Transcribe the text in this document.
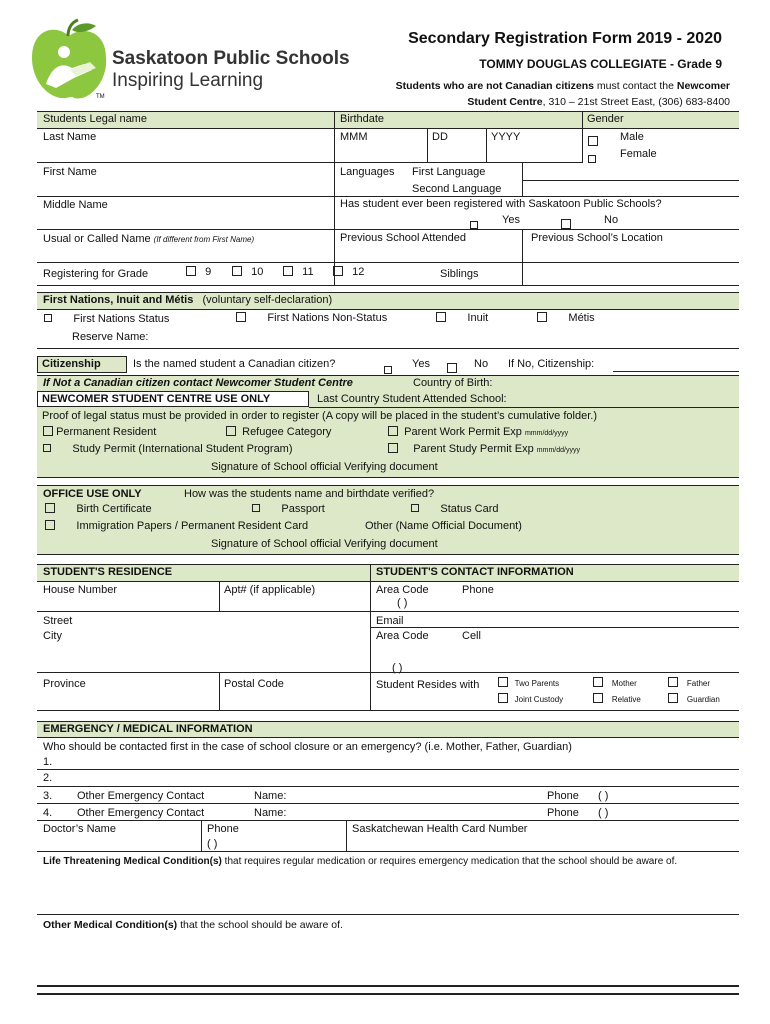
TM
Saskatoon Public Schools
Inspiring Learning
Secondary Registration Form 2019 - 2020
TOMMY DOUGLAS COLLEGIATE - Grade 9
Students who are not Canadian citizens must contact the Newcomer
Student Centre, 310 – 21st Street East, (306) 683-8400
Students Legal name	Birthdate	Gender
Last Name	MMM	DD	YYYY	Male
Female
First Name	Languages First Language
Second Language
Middle Name	Has student ever been registered with Saskatoon Public Schools?
Yes	No
Usual or Called Name (If different from First Name)	Previous School Attended	Previous School’s Location
Registering for Grade	9	10	11	12	Siblings
First Nations, Inuit and Métis (voluntary self-declaration)
First Nations Status	First Nations Non-Status	Inuit	Métis
Reserve Name:
Citizenship	Is the named student a Canadian citizen?	Yes	No If No, Citizenship:
If Not a Canadian citizen contact Newcomer Student Centre	Country of Birth:
NEWCOMER STUDENT CENTRE USE ONLY	Last Country Student Attended School:
Proof of legal status must be provided in order to register (A copy will be placed in the student’s cumulative folder.)
Permanent Resident	Refugee Category	Parent Work Permit Exp mmm/dd/yyyy
Study Permit (International Student Program)	Parent Study Permit Exp mmm/dd/yyyy
Signature of School official Verifying document
OFFICE USE ONLY	How was the students name and birthdate verified?
Birth Certificate	Passport	Status Card
Immigration Papers / Permanent Resident Card	Other (Name Official Document)
Signature of School official Verifying document
STUDENT'S RESIDENCE	STUDENT'S CONTACT INFORMATION
House Number	Apt# (if applicable)	Area Code	Phone
( )
Street	Email
City	Area Code	Cell
( )
Province	Postal Code	Student Resides with	Two Parents	Mother	Father
Joint Custody	Relative	Guardian
EMERGENCY / MEDICAL INFORMATION
Who should be contacted first in the case of school closure or an emergency? (i.e. Mother, Father, Guardian)
1.
2.
3. Other Emergency Contact	Name:	Phone ( )
4. Other Emergency Contact	Name:	Phone ( )
Doctor’s Name	Phone
( )
Saskatchewan Health Card Number
Life Threatening Medical Condition(s) that requires regular medication or requires emergency medication that the school should be aware of.
Other Medical Condition(s) that the school should be aware of.
